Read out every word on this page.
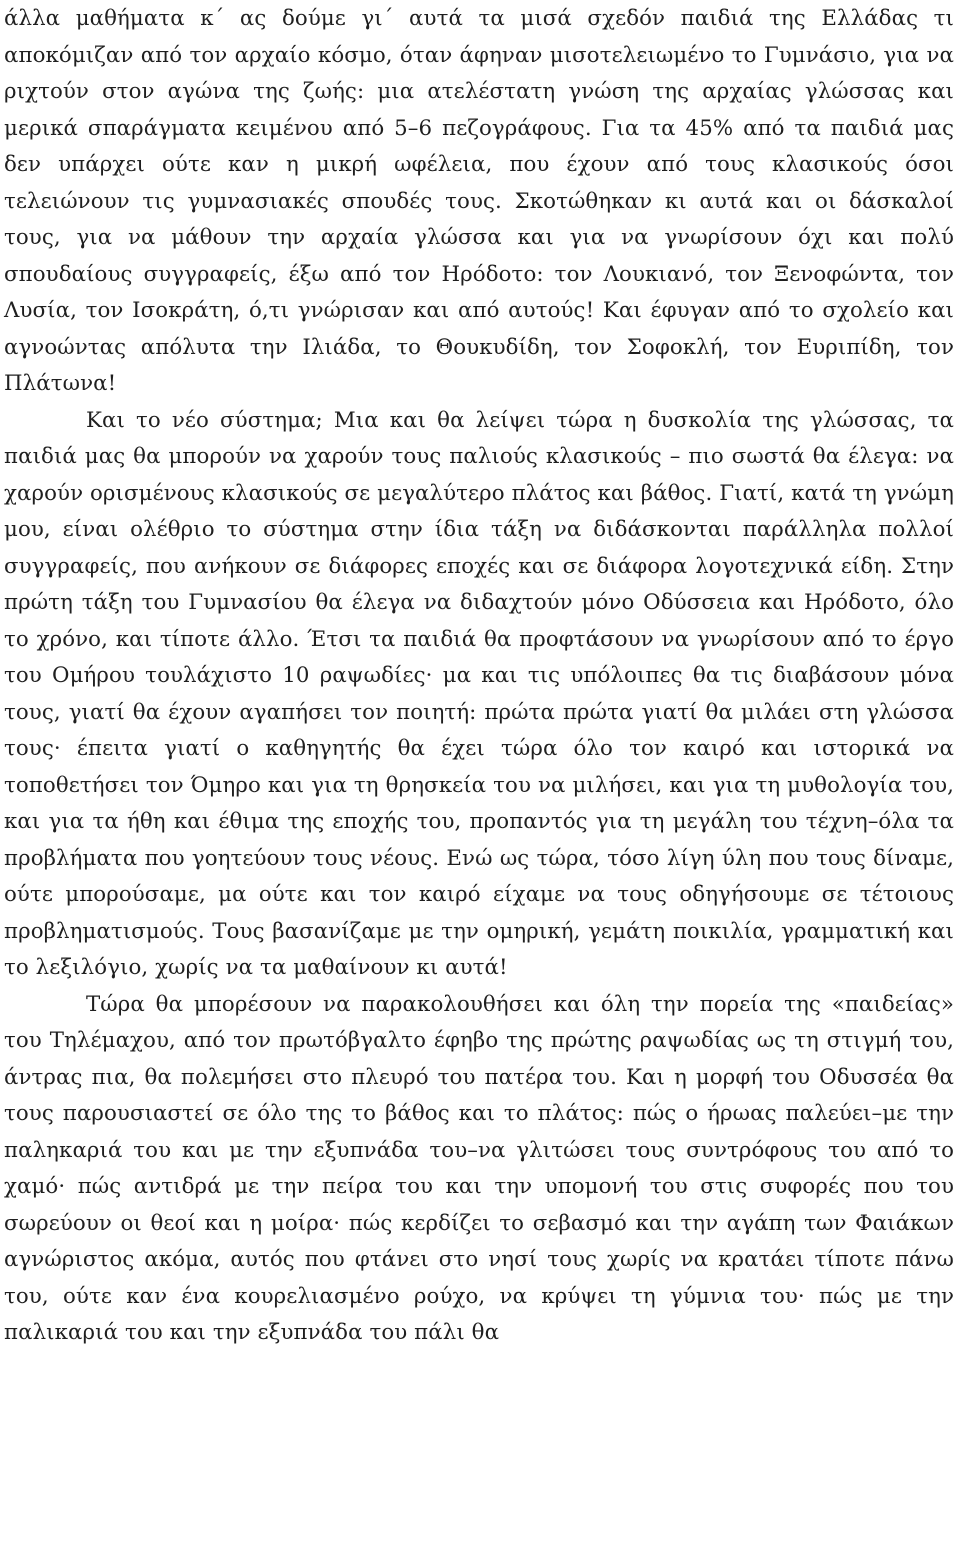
άλλα μαθήματα κ΄ ας δούμε γι΄ αυτά τα μισά σχεδόν παιδιά της Ελλάδας τι αποκόμιζαν από τον αρχαίο κόσμο, όταν άφηναν μισοτελειωμένο το Γυμνάσιο, για να ριχτούν στον αγώνα της ζωής: μια ατελέστατη γνώση της αρχαίας γλώσσας και μερικά σπαράγματα κειμένου από 5–6 πεζογράφους. Για τα 45% από τα παιδιά μας δεν υπάρχει ούτε καν η μικρή ωφέλεια, που έχουν από τους κλασικούς όσοι τελειώνουν τις γυμνασιακές σπουδές τους. Σκοτώθηκαν κι αυτά και οι δάσκαλοί τους, για να μάθουν την αρχαία γλώσσα και για να γνωρίσουν όχι και πολύ σπουδαίους συγγραφείς, έξω από τον Ηρόδοτο: τον Λουκιανό, τον Ξενοφώντα, τον Λυσία, τον Ισοκράτη, ό,τι γνώρισαν και από αυτούς! Και έφυγαν από το σχολείο και αγνοώντας απόλυτα την Ιλιάδα, το Θουκυδίδη, τον Σοφοκλή, τον Ευριπίδη, τον Πλάτωνα!

Και το νέο σύστημα; Μια και θα λείψει τώρα η δυσκολία της γλώσσας, τα παιδιά μας θα μπορούν να χαρούν τους παλιούς κλασικούς – πιο σωστά θα έλεγα: να χαρούν ορισμένους κλασικούς σε μεγαλύτερο πλάτος και βάθος. Γιατί, κατά τη γνώμη μου, είναι ολέθριο το σύστημα στην ίδια τάξη να διδάσκονται παράλληλα πολλοί συγγραφείς, που ανήκουν σε διάφορες εποχές και σε διάφορα λογοτεχνικά είδη. Στην πρώτη τάξη του Γυμνασίου θα έλεγα να διδαχτούν μόνο Οδύσσεια και Ηρόδοτο, όλο το χρόνο, και τίποτε άλλο. Έτσι τα παιδιά θα προφτάσουν να γνωρίσουν από το έργο του Ομήρου τουλάχιστο 10 ραψωδίες· μα και τις υπόλοιπες θα τις διαβάσουν μόνα τους, γιατί θα έχουν αγαπήσει τον ποιητή: πρώτα πρώτα γιατί θα μιλάει στη γλώσσα τους· έπειτα γιατί ο καθηγητής θα έχει τώρα όλο τον καιρό και ιστορικά να τοποθετήσει τον Όμηρο και για τη θρησκεία του να μιλήσει, και για τη μυθολογία του, και για τα ήθη και έθιμα της εποχής του, προπαντός για τη μεγάλη του τέχνη–όλα τα προβλήματα που γοητεύουν τους νέους. Ενώ ως τώρα, τόσο λίγη ύλη που τους δίναμε, ούτε μπορούσαμε, μα ούτε και τον καιρό είχαμε να τους οδηγήσουμε σε τέτοιους προβληματισμούς. Τους βασανίζαμε με την ομηρική, γεμάτη ποικιλία, γραμματική και το λεξιλόγιο, χωρίς να τα μαθαίνουν κι αυτά!

Τώρα θα μπορέσουν να παρακολουθήσει και όλη την πορεία της «παιδείας» του Τηλέμαχου, από τον πρωτόβγαλτο έφηβο της πρώτης ραψωδίας ως τη στιγμή του, άντρας πια, θα πολεμήσει στο πλευρό του πατέρα του. Και η μορφή του Οδυσσέα θα τους παρουσιαστεί σε όλο της το βάθος και το πλάτος: πώς ο ήρωας παλεύει–με την παληκαριά του και με την εξυπνάδα του–να γλιτώσει τους συντρόφους του από το χαμό· πώς αντιδρά με την πείρα του και την υπομονή του στις συφορές που του σωρεύουν οι θεοί και η μοίρα· πώς κερδίζει το σεβασμό και την αγάπη των Φαιάκων αγνώριστος ακόμα, αυτός που φτάνει στο νησί τους χωρίς να κρατάει τίποτε πάνω του, ούτε καν ένα κουρελιασμένο ρούχο, να κρύψει τη γύμνια του· πώς με την παλικαριά του και την εξυπνάδα του πάλι θα
